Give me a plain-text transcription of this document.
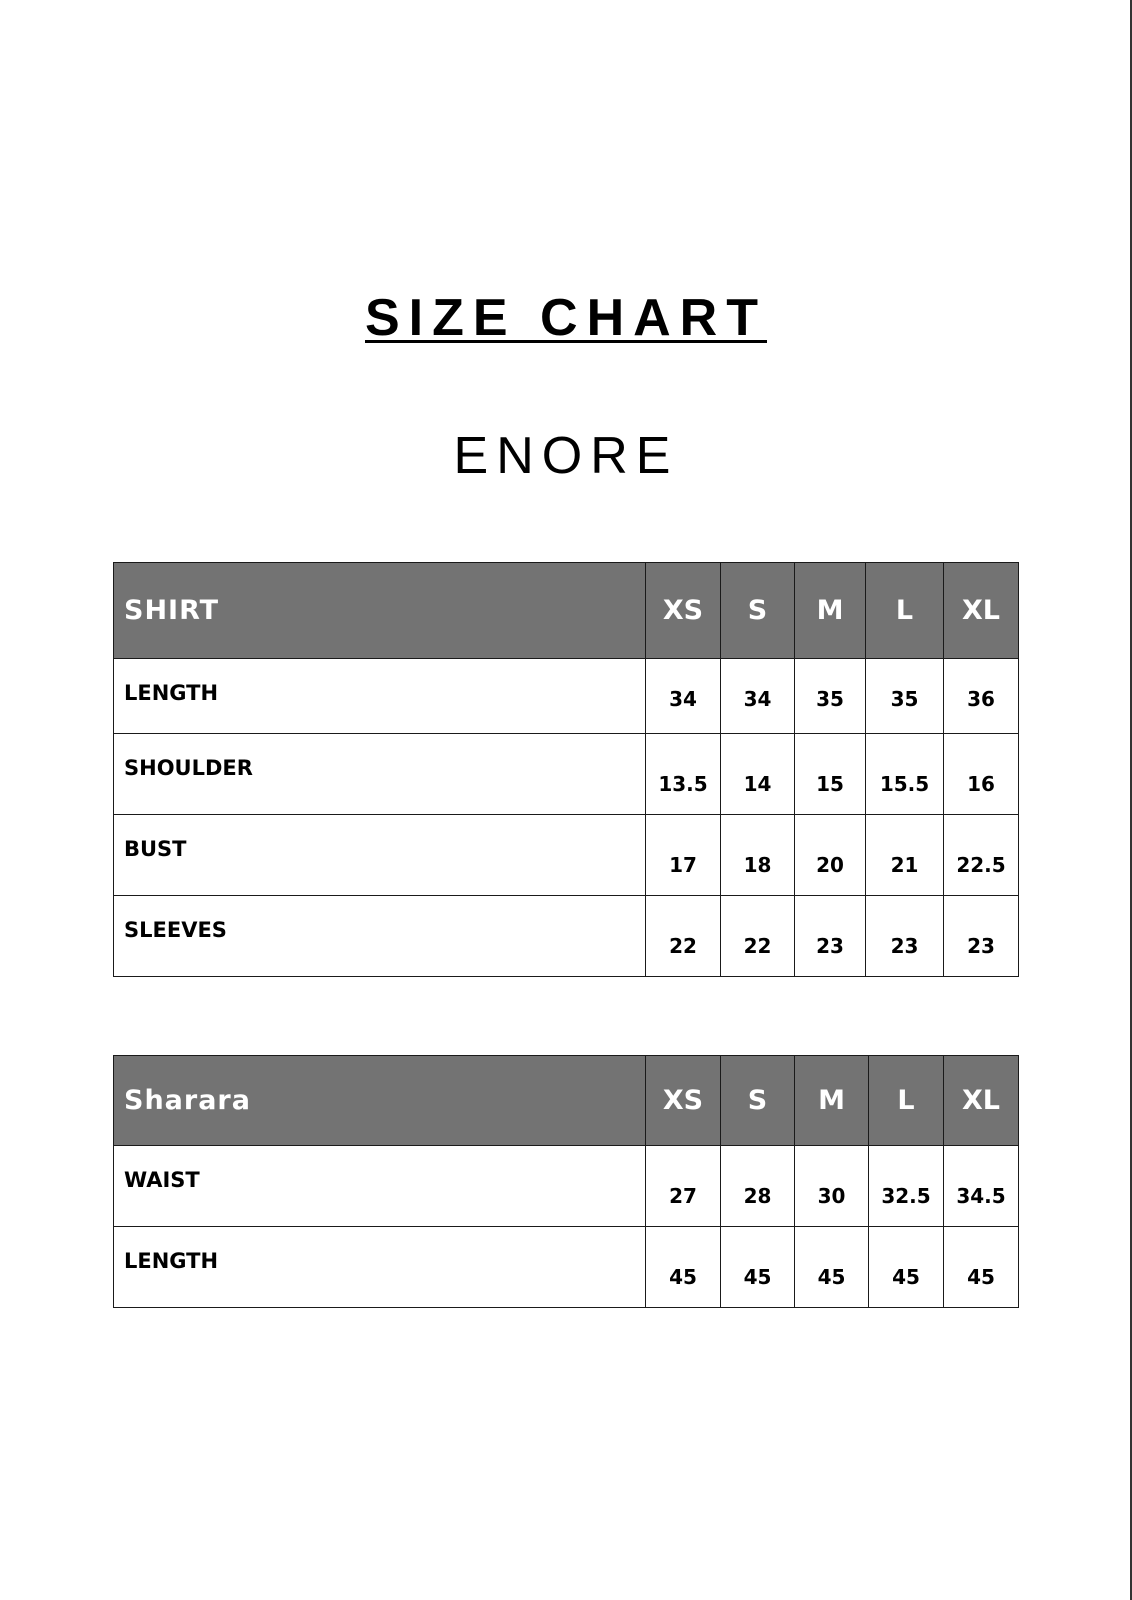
SIZE CHART
ENORE
SHIRT	XS	S	M	L	XL
LENGTH	34	34	35	35	36
SHOULDER	13.5	14	15	15.5	16
BUST	17	18	20	21	22.5
SLEEVES	22	22	23	23	23
Sharara	XS	S	M	L	XL
WAIST	27	28	30	32.5	34.5
LENGTH	45	45	45	45	45
